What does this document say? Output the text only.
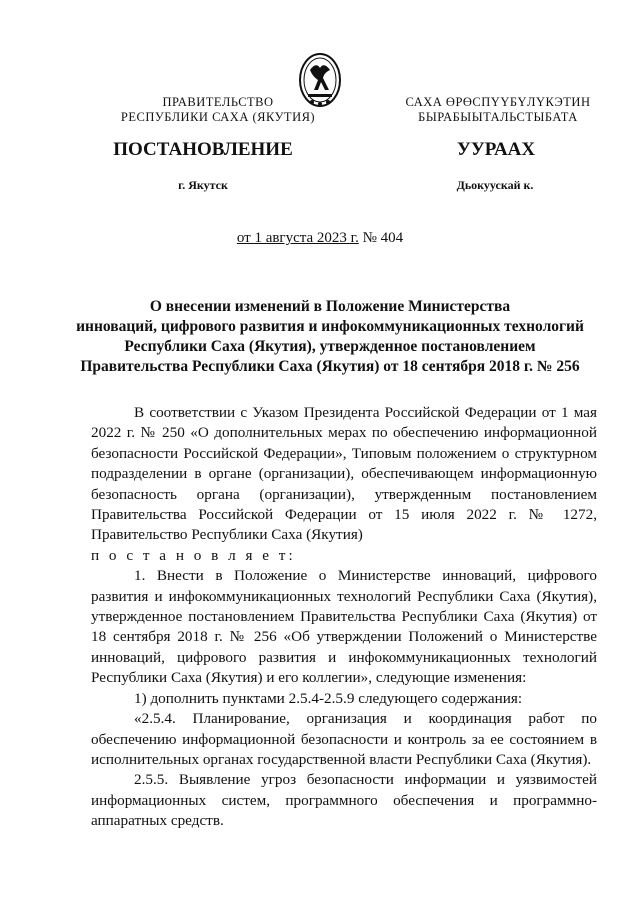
ПРАВИТЕЛЬСТВО
РЕСПУБЛИКИ САХА (ЯКУТИЯ)
САХА ӨРӨСПYYБYЛYКЭТИН
БЫРАБЫЫТАЛЬСТЫБАТА
ПОСТАНОВЛЕНИЕ	УУРААХ
г. Якутск	Дьокуускай к.
от 1 августа 2023 г. № 404
О внесении изменений в Положение Министерства
инноваций, цифрового развития и инфокоммуникационных технологий
Республики Саха (Якутия), утвержденное постановлением
Правительства Республики Саха (Якутия) от 18 сентября 2018 г. № 256

В соответствии с Указом Президента Российской Федерации от 1 мая 2022 г. № 250 «О дополнительных мерах по обеспечению информационной безопасности Российской Федерации», Типовым положением о структурном подразделении в органе (организации), обеспечивающем информационную безопасность органа (организации), утвержденным постановлением Правительства Российской Федерации от 15 июля 2022 г. № 1272, Правительство Республики Саха (Якутия)

п о с т а н о в л я е т:

1. Внести в Положение о Министерстве инноваций, цифрового развития и инфокоммуникационных технологий Республики Саха (Якутия), утвержденное постановлением Правительства Республики Саха (Якутия) от 18 сентября 2018 г. № 256 «Об утверждении Положений о Министерстве инноваций, цифрового развития и инфокоммуникационных технологий Республики Саха (Якутия) и его коллегии», следующие изменения:

1) дополнить пунктами 2.5.4-2.5.9 следующего содержания:

«2.5.4. Планирование, организация и координация работ по обеспечению информационной безопасности и контроль за ее состоянием в исполнительных органах государственной власти Республики Саха (Якутия).

2.5.5. Выявление угроз безопасности информации и уязвимостей информационных систем, программного обеспечения и программно-аппаратных средств.
